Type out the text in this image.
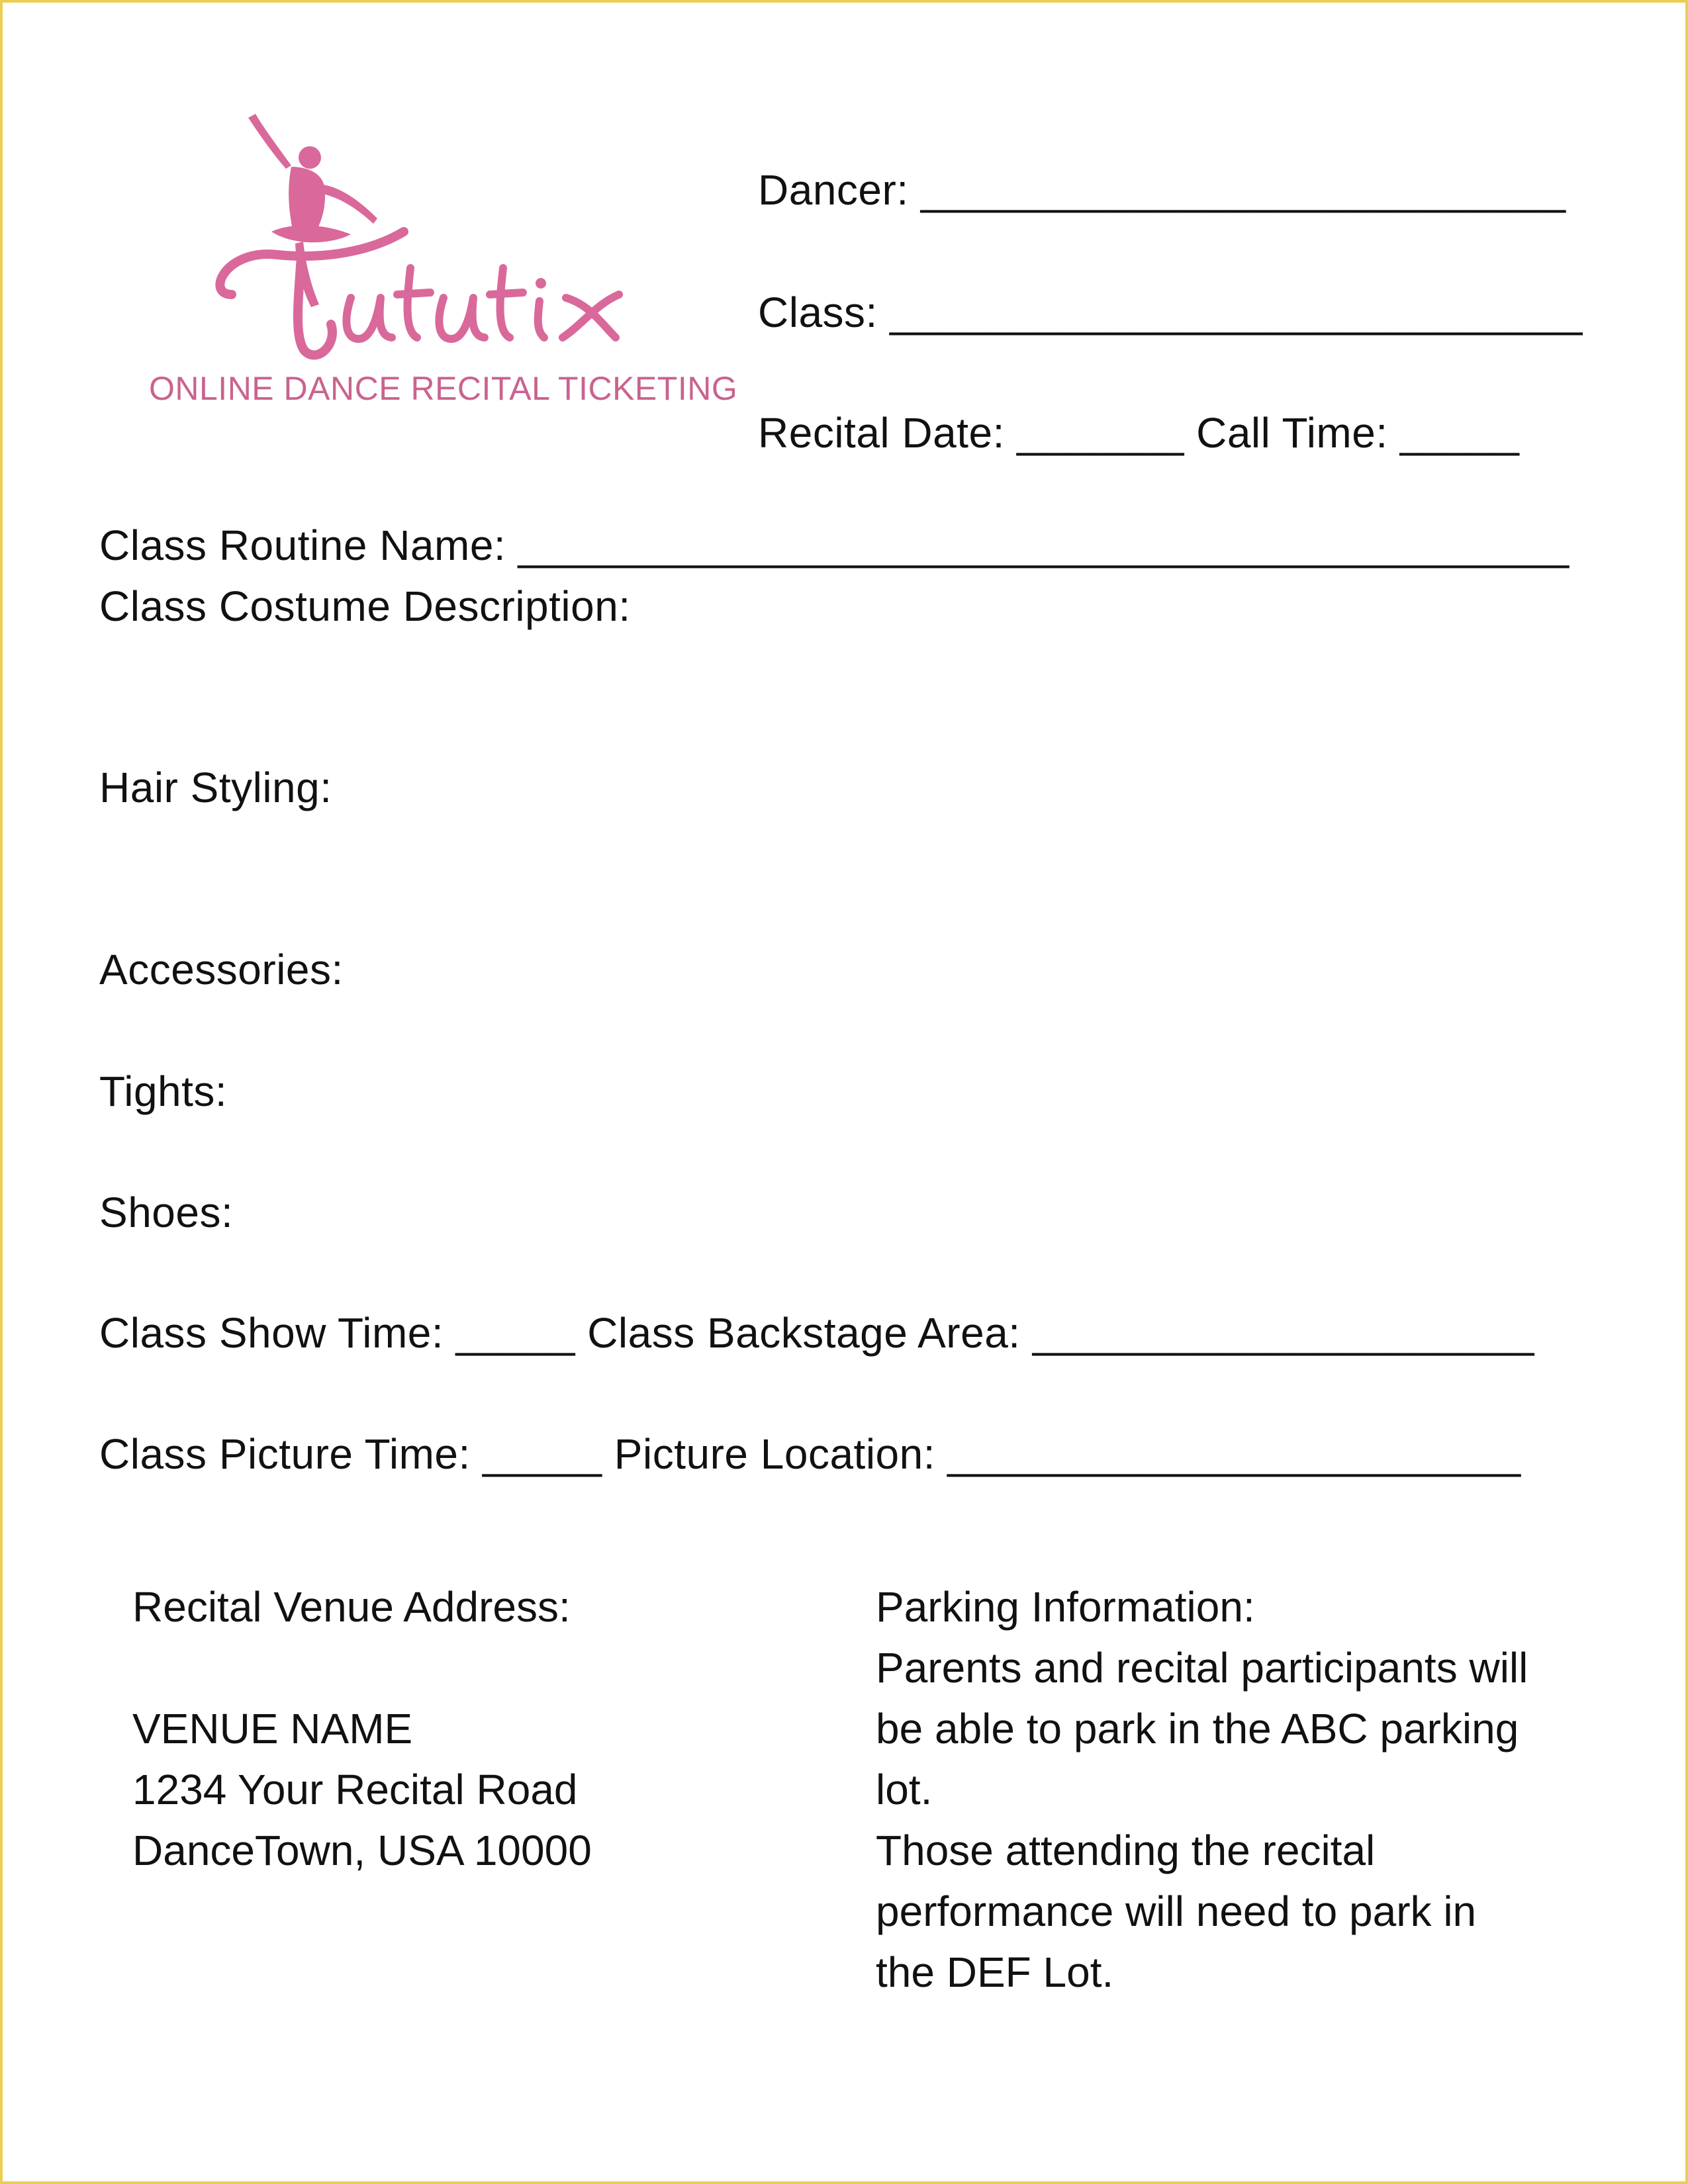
ONLINE DANCE RECITAL TICKETING
Dancer: ___________________________
Class: _____________________________
Recital Date: _______ Call Time: _____
Class Routine Name: ____________________________________________
Class Costume Description:
Hair Styling:
Accessories:
Tights:
Shoes:
Class Show Time: _____ Class Backstage Area: _____________________
Class Picture Time: _____ Picture Location: ________________________
Recital Venue Address:

VENUE NAME
1234 Your Recital Road
DanceTown, USA 10000
Parking Information:
Parents and recital participants will
be able to park in the ABC parking
lot.
Those attending the recital
performance will need to park in
the DEF Lot.
